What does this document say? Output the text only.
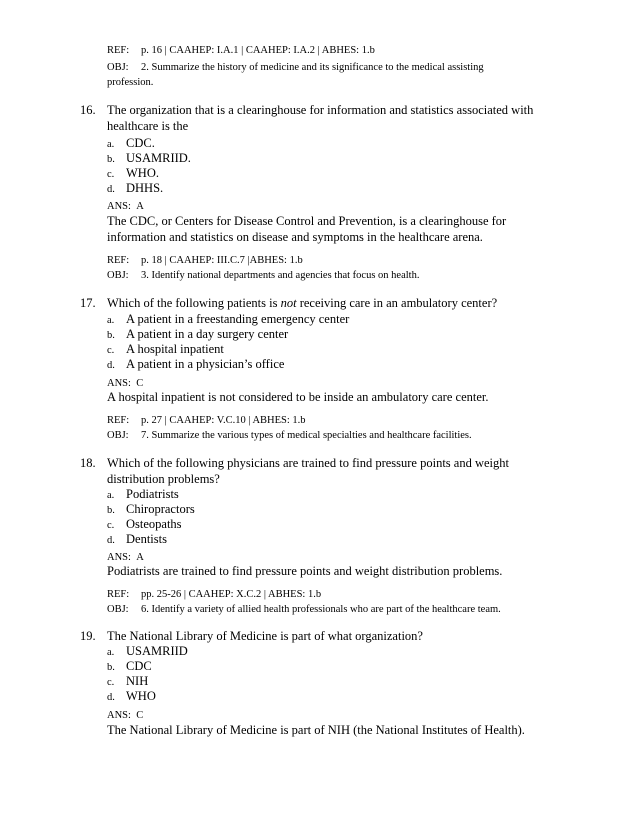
REF: p. 16 | CAAHEP: I.A.1 | CAAHEP: I.A.2 | ABHES: 1.b
OBJ: 2. Summarize the history of medicine and its significance to the medical assisting
profession.
16. The organization that is a clearinghouse for information and statistics associated with healthcare is the
a. CDC.
b. USAMRIID.
c. WHO.
d. DHHS.
ANS: A
The CDC, or Centers for Disease Control and Prevention, is a clearinghouse for information and statistics on disease and symptoms in the healthcare arena.
REF: p. 18 | CAAHEP: III.C.7 |ABHES: 1.b
OBJ: 3. Identify national departments and agencies that focus on health.
17. Which of the following patients is not receiving care in an ambulatory center?
a. A patient in a freestanding emergency center
b. A patient in a day surgery center
c. A hospital inpatient
d. A patient in a physician’s office
ANS: C
A hospital inpatient is not considered to be inside an ambulatory care center.
REF: p. 27 | CAAHEP: V.C.10 | ABHES: 1.b
OBJ: 7. Summarize the various types of medical specialties and healthcare facilities.
18. Which of the following physicians are trained to find pressure points and weight distribution problems?
a. Podiatrists
b. Chiropractors
c. Osteopaths
d. Dentists
ANS: A
Podiatrists are trained to find pressure points and weight distribution problems.
REF: pp. 25-26 | CAAHEP: X.C.2 | ABHES: 1.b
OBJ: 6. Identify a variety of allied health professionals who are part of the healthcare team.
19. The National Library of Medicine is part of what organization?
a. USAMRIID
b. CDC
c. NIH
d. WHO
ANS: C
The National Library of Medicine is part of NIH (the National Institutes of Health).
